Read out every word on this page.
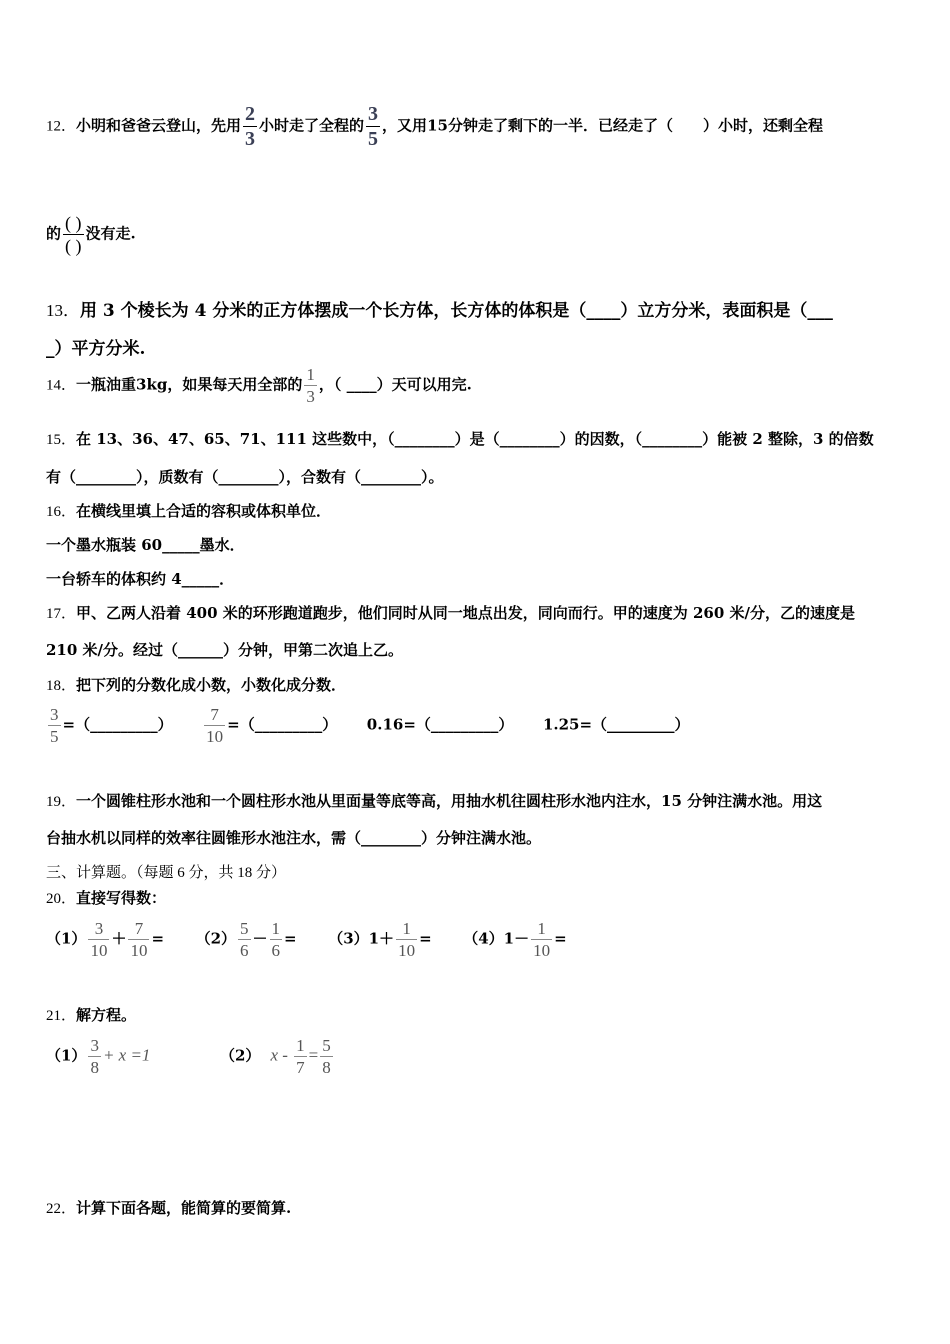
12．小明和爸爸云登山，先用 $\frac{2}{3}$ 小时走了全程的 $\frac{3}{5}$ ，又用15分钟走了剩下的一半．已经走了（　　）小时，还剩全程
的 $\frac{( )}{( )}$ 没有走.
13．用 3 个棱长为 4 分米的正方体摆成一个长方体，长方体的体积是（____）立方分米，表面积是（___
_）平方分米.
14．一瓶油重3kg，如果每天用全部的 $\frac{1}{3}$ ，（ ____）天可以用完.
15．在 13、36、47、65、71、111 这些数中，（________）是（________）的因数，（________）能被 2 整除，3 的倍数
有（________），质数有（________），合数有（________）。
16．在横线里填上合适的容积或体积单位．
一个墨水瓶装 60_____墨水．
一台轿车的体积约 4_____．
17．甲、乙两人沿着 400 米的环形跑道跑步，他们同时从同一地点出发，同向而行。甲的速度为 260 米/分，乙的速度是
210 米/分。经过（______）分钟，甲第二次追上乙。
18．把下列的分数化成小数，小数化成分数．
$\frac{3}{5}$ =（_________） $\frac{7}{10}$ =（_________） 0.16=（_________） 1.25=（_________）
19．一个圆锥柱形水池和一个圆柱形水池从里面量等底等高，用抽水机往圆柱形水池内注水，15 分钟注满水池。用这
台抽水机以同样的效率往圆锥形水池注水，需（________）分钟注满水池。
三、计算题。（每题 6 分，共 18 分）
20．直接写得数：
$(1) \frac{3}{10} + \frac{7}{10} = (2) \frac{5}{6} - \frac{1}{6} = (3)1+ \frac{1}{10} = (4)1- \frac{1}{10}$ =
21．解方程。
$(1) \frac{3}{8} + x =1$	（2） $x - \frac{1}{7} = \frac{5}{8}$
22．计算下面各题，能简算的要简算.
